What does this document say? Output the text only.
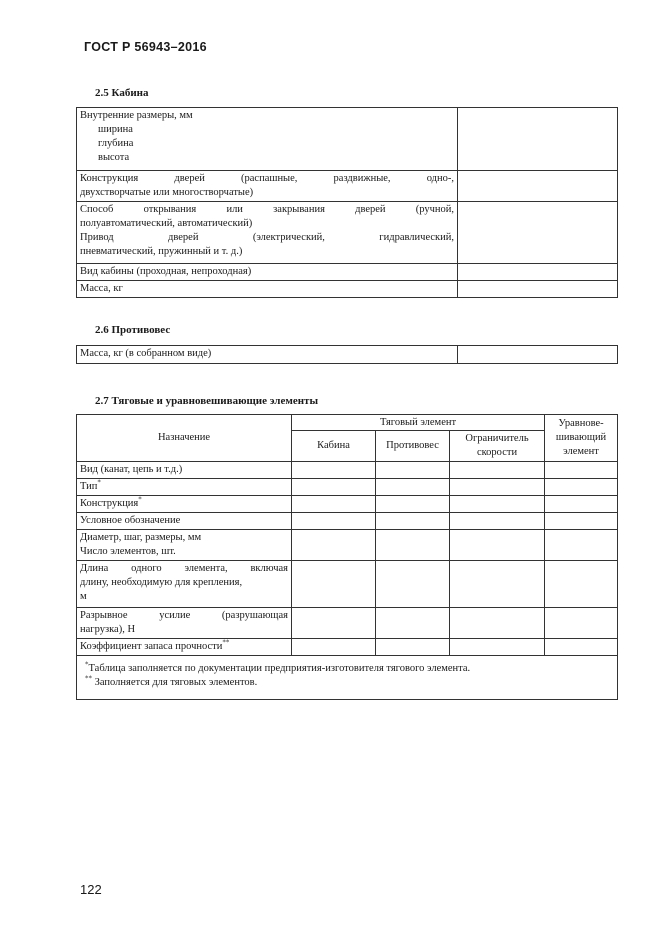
ГОСТ Р 56943–2016
2.5 Кабина
Внутренние размеры, мм
ширина
глубина
высота	

Конструкция дверей (распашные, раздвижные, одно-,
двухстворчатые или многостворчатые)	

Способ открывания или закрывания дверей (ручной,
полуавтоматический, автоматический)
Привод дверей (электрический, гидравлический,
пневматический, пружинный и т. д.)	

Вид кабины (проходная, непроходная)	
Масса, кг	
2.6 Противовес
Масса, кг (в собранном виде)	
2.7 Тяговые и уравновешивающие элементы
Назначение	Тяговый элемент			Уравнове-
шивающий
элемент

	Кабина	Противовес	Ограничитель
скорости	

Вид (канат, цепь и т.д.)				
Тип*				
Конструкция*				
Условное обозначение				

Диаметр, шаг, размеры, мм
Число элементов, шт.				

Длина одного элемента, включая
длину, необходимую для крепления,
м				

Разрывное усилие (разрушающая
нагрузка), Н				

Коэффициент запаса прочности**				

*Таблица заполняется по документации предприятия-изготовителя тягового элемента.
** Заполняется для тяговых элементов.				
122
